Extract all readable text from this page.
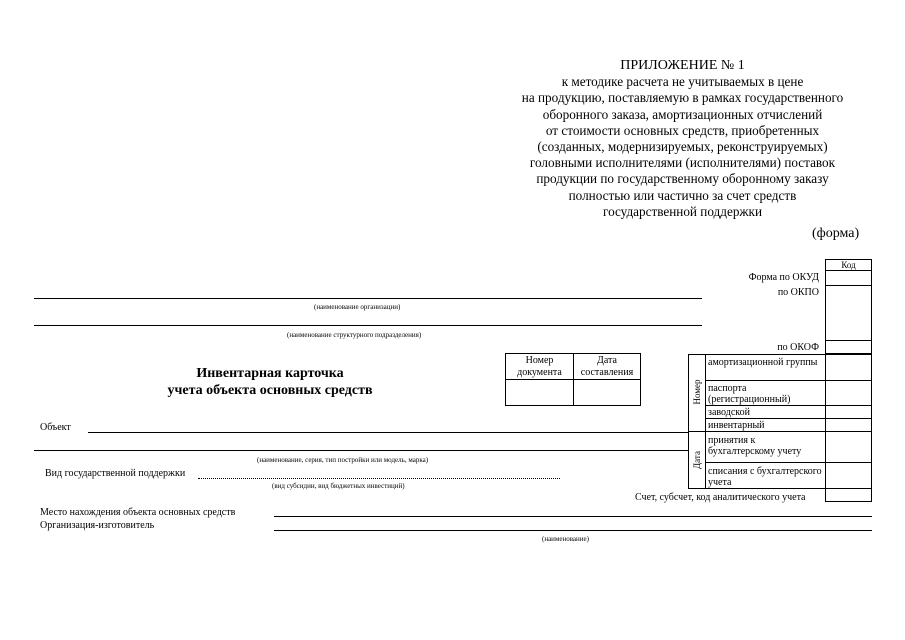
ПРИЛОЖЕНИЕ № 1
к методике расчета не учитываемых в цене
на продукцию, поставляемую в рамках государственного
оборонного заказа, амортизационных отчислений
от стоимости основных средств, приобретенных
(созданных, модернизируемых, реконструируемых)
головными исполнителями (исполнителями) поставок
продукции по государственному оборонному заказу
полностью или частично за счет средств
государственной поддержки
(форма)
Код
Форма по ОКУД
по ОКПО
по ОКОФ
(наименование организации)
(наименование структурного подразделения)
Инвентарная карточка
учета объекта основных средств
Номер документа
Дата составления
Объект
(наименование, серия, тип постройки или модель, марка)
Вид государственной поддержки
(вид субсидии, вид бюджетных инвестиций)
Номер
Дата
амортизационной группы
паспорта (регистрационный)
заводской
инвентарный
принятия к бухгалтерскому учету
списания с бухгалтерского учета
Счет, субсчет, код аналитического учета
Место нахождения объекта основных средств
Организация-изготовитель
(наименование)
